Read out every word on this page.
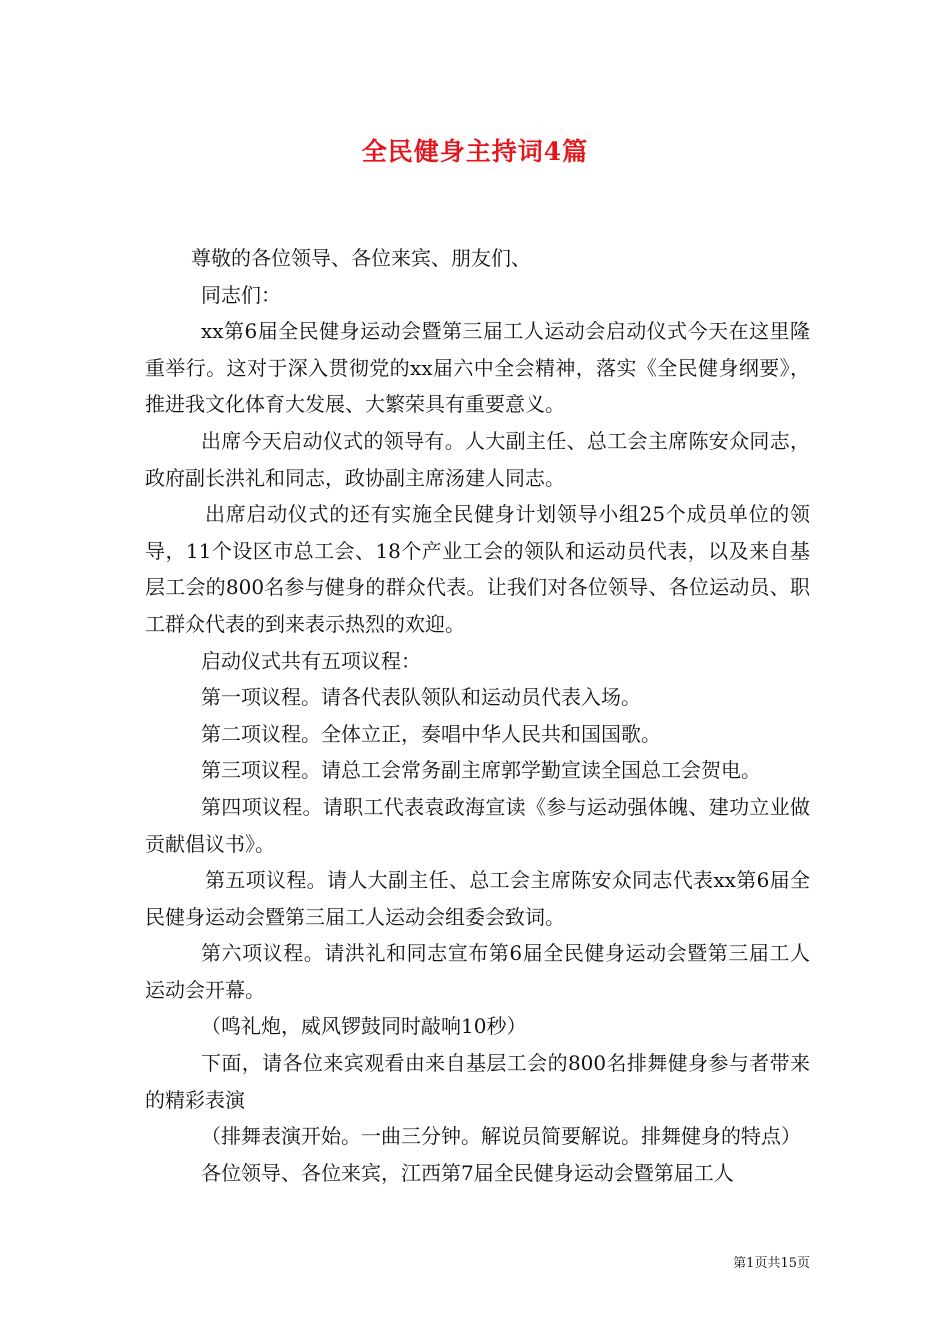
全民健身主持词4篇

尊敬的各位领导、各位来宾、朋友们、

同志们：

xx第6届全民健身运动会暨第三届工人运动会启动仪式今天在这里隆重举行。这对于深入贯彻党的xx届六中全会精神，落实《全民健身纲要》，推进我文化体育大发展、大繁荣具有重要意义。

出席今天启动仪式的领导有。人大副主任、总工会主席陈安众同志，政府副长洪礼和同志，政协副主席汤建人同志。

出席启动仪式的还有实施全民健身计划领导小组25个成员单位的领导，11个设区市总工会、18个产业工会的领队和运动员代表，以及来自基层工会的800名参与健身的群众代表。让我们对各位领导、各位运动员、职工群众代表的到来表示热烈的欢迎。

启动仪式共有五项议程：

第一项议程。请各代表队领队和运动员代表入场。

第二项议程。全体立正，奏唱中华人民共和国国歌。

第三项议程。请总工会常务副主席郭学勤宣读全国总工会贺电。

第四项议程。请职工代表袁政海宣读《参与运动强体魄、建功立业做贡献倡议书》。

第五项议程。请人大副主任、总工会主席陈安众同志代表xx第6届全民健身运动会暨第三届工人运动会组委会致词。

第六项议程。请洪礼和同志宣布第6届全民健身运动会暨第三届工人运动会开幕。

（鸣礼炮，威风锣鼓同时敲响10秒）

下面，请各位来宾观看由来自基层工会的800名排舞健身参与者带来的精彩表演

（排舞表演开始。一曲三分钟。解说员简要解说。排舞健身的特点）

各位领导、各位来宾，江西第7届全民健身运动会暨第届工人

第1页共15页
